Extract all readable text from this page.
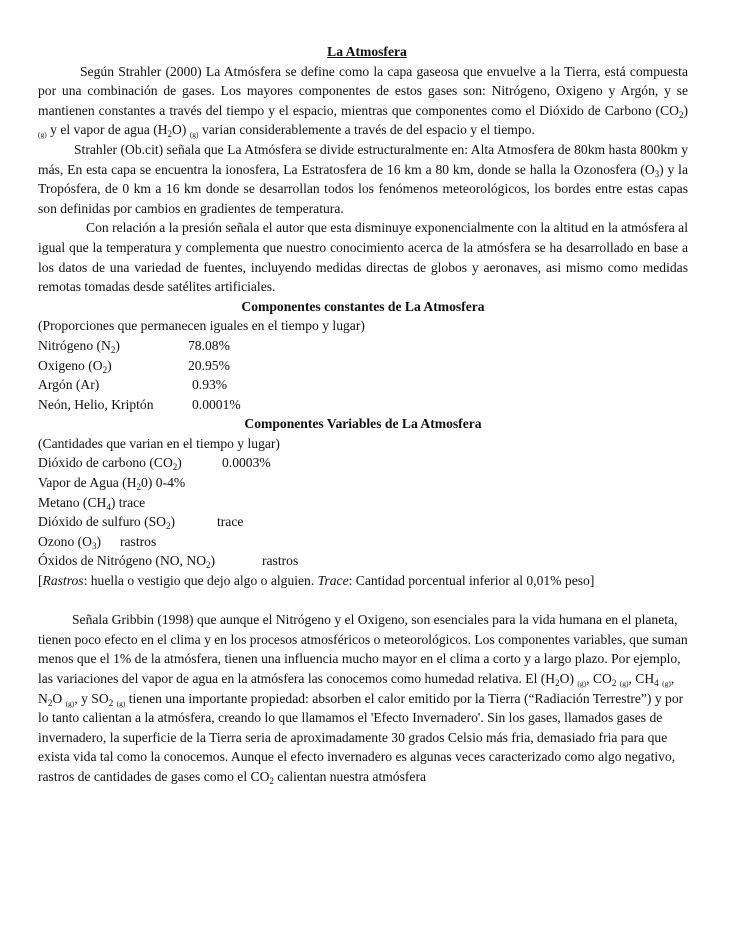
La Atmosfera

Según Strahler (2000) La Atmósfera se define como la capa gaseosa que envuelve a la Tierra, está compuesta por una combinación de gases. Los mayores componentes de estos gases son: Nitrógeno, Oxigeno y Argón, y se mantienen constantes a través del tiempo y el espacio, mientras que componentes como el Dióxido de Carbono $(CO_2)$ $_{(g)}$ y el vapor de agua $(H_2O)$ $_{(g)}$ varian considerablemente a través de del espacio y el tiempo.

Strahler (Ob.cit) señala que La Atmósfera se divide estructuralmente en: Alta Atmosfera de 80km hasta 800km y más, En esta capa se encuentra la ionosfera, La Estratosfera de 16 km a 80 km, donde se halla la Ozonosfera $(O_3)$ y la Tropósfera, de 0 km a 16 km donde se desarrollan todos los fenómenos meteorológicos, los bordes entre estas capas son definidas por cambios en gradientes de temperatura.

Con relación a la presión señala el autor que esta disminuye exponencialmente con la altitud en la atmósfera al igual que la temperatura y complementa que nuestro conocimiento acerca de la atmósfera se ha desarrollado en base a los datos de una variedad de fuentes, incluyendo medidas directas de globos y aeronaves, asi mismo como medidas remotas tomadas desde satélites artificiales.

Componentes constantes de La Atmosfera

(Proporciones que permanecen iguales en el tiempo y lugar)

Nitrógeno $(N_2)$	78.08%
Oxigeno $(O_2)$	20.95%
Argón (Ar)	0.93%
Neón, Helio, Kriptón	0.0001%

Componentes Variables de La Atmosfera

(Cantidades que varian en el tiempo y lugar)

Dióxido de carbono $(CO_2)$	0.0003%
Vapor de Agua $(H_20)$ 0-4%
Metano $(CH_4)$ trace
Dióxido de sulfuro $(SO_2)$	trace
Ozono $(O_3)$	rastros
Óxidos de Nitrógeno (NO, $NO_2$)	rastros

[Rastros: huella o vestigio que dejo algo o alguien. Trace: Cantidad porcentual inferior al 0,01% peso]

Señala Gribbin (1998) que aunque el Nitrógeno y el Oxigeno, son esenciales para la vida humana en el planeta, tienen poco efecto en el clima y en los procesos atmosféricos o meteorológicos. Los componentes variables, que suman menos que el 1% de la atmósfera, tienen una influencia mucho mayor en el clima a corto y a largo plazo. Por ejemplo, las variaciones del vapor de agua en la atmósfera las conocemos como humedad relativa. El $(H_2O)$ $_{(g)}$, $CO_2$ $_{(g)}$, $CH_4$ $_{(g)}$, $N_2O$ $_{(g)}$, y $SO_2$ $_{(g)}$ tienen una importante propiedad: absorben el calor emitido por la Tierra (“Radiación Terrestre”) y por lo tanto calientan a la atmósfera, creando lo que llamamos el 'Efecto Invernadero'. Sin los gases, llamados gases de invernadero, la superficie de la Tierra seria de aproximadamente 30 grados Celsio más fria, demasiado fria para que exista vida tal como la conocemos. Aunque el efecto invernadero es algunas veces caracterizado como algo negativo, rastros de cantidades de gases como el $CO_2$ calientan nuestra atmósfera
